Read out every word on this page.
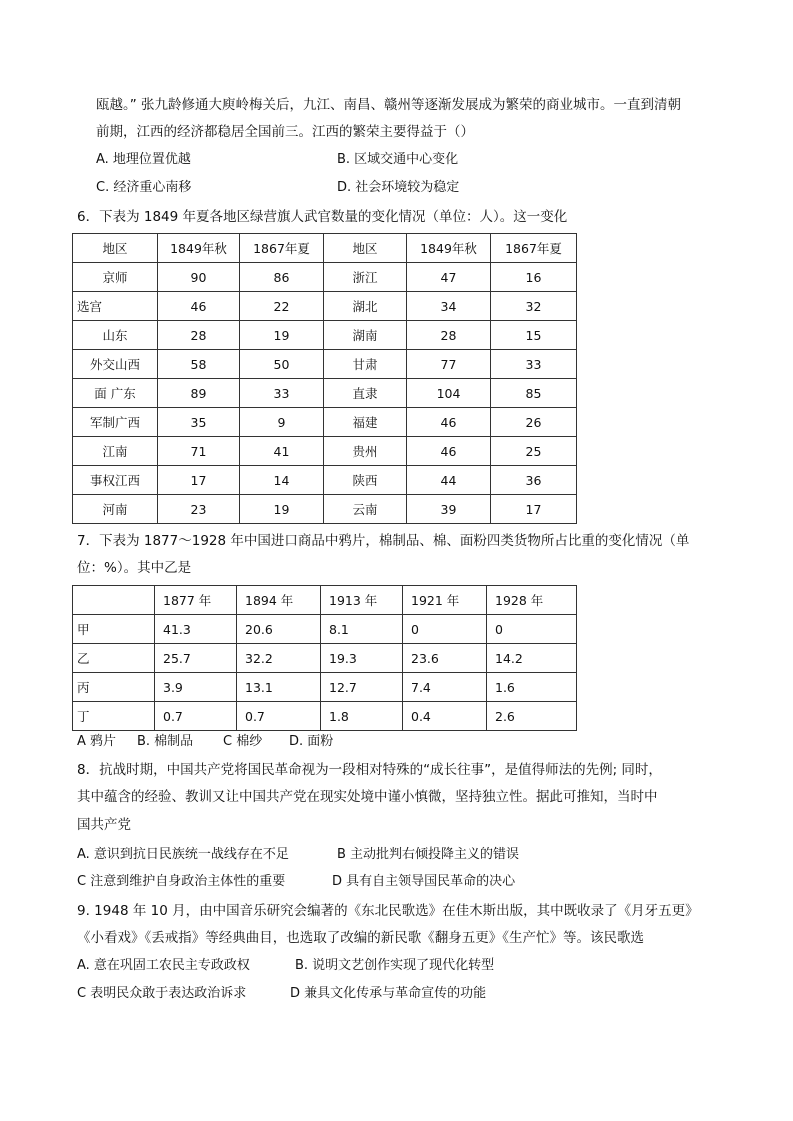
瓯越。” 张九龄修通大庾岭梅关后，九江、南昌、赣州等逐渐发展成为繁荣的商业城市。一直到清朝
前期，江西的经济都稳居全国前三。江西的繁荣主要得益于（）
A. 地理位置优越	B. 区域交通中心变化
C. 经济重心南移	D. 社会环境较为稳定
6．下表为 1849 年夏各地区绿营旗人武官数量的变化情况（单位：人）。这一变化
地区	1849年秋	1867年夏	地区	1849年秋	1867年夏
京师	90	86	浙江	47	16
选宫	46	22	湖北	34	32
山东	28	19	湖南	28	15
外交山西	58	50	甘肃	77	33
面 广东	89	33	直隶	104	85
军制广西	35	9	福建	46	26
江南	71	41	贵州	46	25
事权江西	17	14	陕西	44	36
河南	23	19	云南	39	17
7．下表为 1877～1928 年中国进口商品中鸦片，棉制品、棉、面粉四类货物所占比重的变化情况（单
位：%）。其中乙是
	1877 年	1894 年	1913 年	1921 年	1928 年
甲	41.3	20.6	8.1	0	0
乙	25.7	32.2	19.3	23.6	14.2
丙	3.9	13.1	12.7	7.4	1.6
丁	0.7	0.7	1.8	0.4	2.6
A 鸦片 B. 棉制品 C 棉纱 D. 面粉
8．抗战时期，中国共产党将国民革命视为一段相对特殊的“成长往事”，是值得师法的先例; 同时，
其中蕴含的经验、教训又让中国共产党在现实处境中谨小慎微，坚持独立性。据此可推知，当时中
国共产党
A. 意识到抗日民族统一战线存在不足	B 主动批判右倾投降主义的错误
C 注意到维护自身政治主体性的重要	D 具有自主领导国民革命的决心
9. 1948 年 10 月，由中国音乐研究会编著的《东北民歌选》在佳木斯出版，其中既收录了《月牙五更》
《小看戏》《丢戒指》等经典曲目，也选取了改编的新民歌《翻身五更》《生产忙》等。该民歌选
A. 意在巩固工农民主专政政权	B. 说明文艺创作实现了现代化转型
C 表明民众敢于表达政治诉求	D 兼具文化传承与革命宣传的功能
